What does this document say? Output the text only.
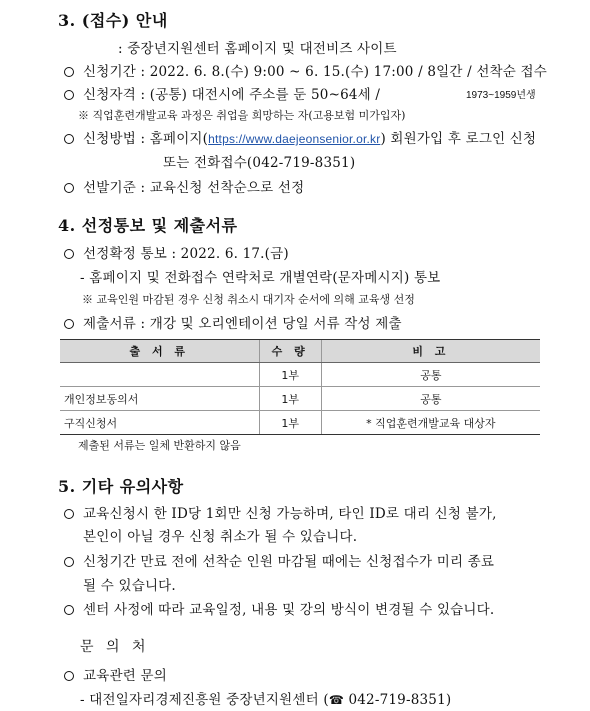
3. (접수) 안내
: 중장년지원센터 홈페이지 및 대전비즈 사이트
신청기간 : 2022. 6. 8.(수) 9:00 ~ 6. 15.(수) 17:00 / 8일간 / 선착순 접수
신청자격 : (공통) 대전시에 주소를 둔 50~64세 /	1973~1959년생
※ 직업훈련개발교육 과정은 취업을 희망하는 자(고용보험 미가입자)
신청방법 : 홈페이지(https://www.daejeonsenior.or.kr) 회원가입 후 로그인 신청
또는 전화접수(042-719-8351)
선발기준 : 교육신청 선착순으로 선정
4. 선정통보 및 제출서류
선정확정 통보 : 2022. 6. 17.(금)
- 홈페이지 및 전화접수 연락처로 개별연락(문자메시지) 통보
※ 교육인원 마감된 경우 신청 취소시 대기자 순서에 의해 교육생 선정
제출서류 : 개강 및 오리엔테이션 당일 서류 작성 제출
출 서 류	수 량	비 고
	1부	공통
개인정보동의서	1부	공통
구직신청서	1부	* 직업훈련개발교육 대상자
제출된 서류는 일체 반환하지 않음
5. 기타 유의사항
교육신청시 한 ID당 1회만 신청 가능하며, 타인 ID로 대리 신청 불가,
본인이 아닐 경우 신청 취소가 될 수 있습니다.
신청기간 만료 전에 선착순 인원 마감될 때에는 신청접수가 미리 종료
될 수 있습니다.
센터 사정에 따라 교육일정, 내용 및 강의 방식이 변경될 수 있습니다.
문 의 처
교육관련 문의
- 대전일자리경제진흥원 중장년지원센터 (☎ 042-719-8351)
